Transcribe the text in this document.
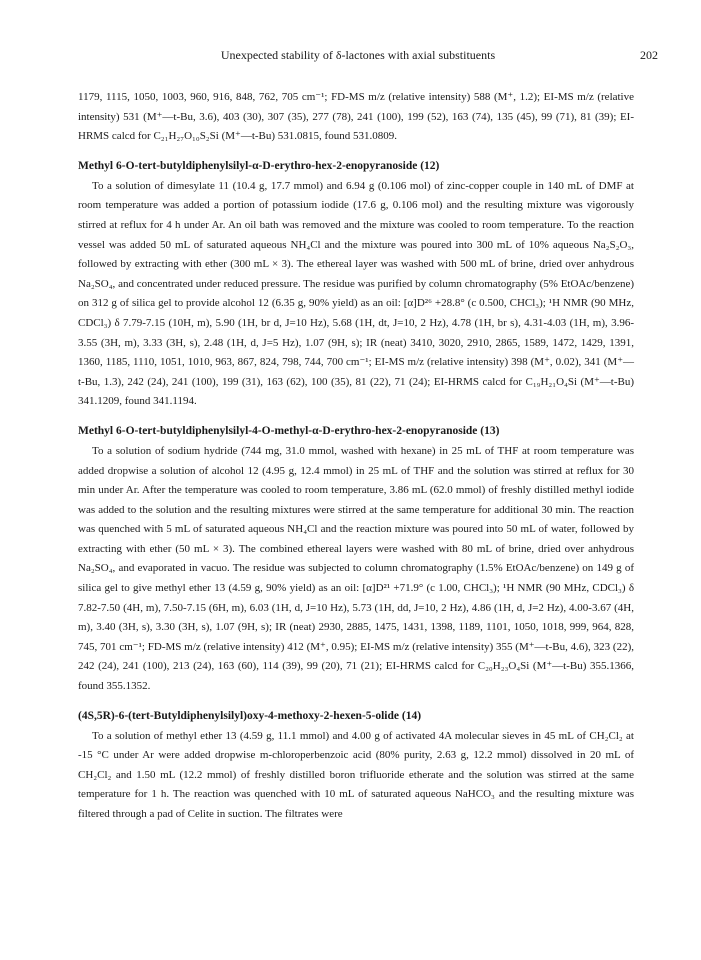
Unexpected stability of δ-lactones with axial substituents	202

1179, 1115, 1050, 1003, 960, 916, 848, 762, 705 cm⁻¹; FD-MS m/z (relative intensity) 588 (M⁺, 1.2); EI-MS m/z (relative intensity) 531 (M⁺—t-Bu, 3.6), 403 (30), 307 (35), 277 (78), 241 (100), 199 (52), 163 (74), 135 (45), 99 (71), 81 (39); EI-HRMS calcd for C₂₁H₂₇O₁₀S₂Si (M⁺—t-Bu) 531.0815, found 531.0809.

Methyl 6-O-tert-butyldiphenylsilyl-α-D-erythro-hex-2-enopyranoside (12)

To a solution of dimesylate 11 (10.4 g, 17.7 mmol) and 6.94 g (0.106 mol) of zinc-copper couple in 140 mL of DMF at room temperature was added a portion of potassium iodide (17.6 g, 0.106 mol) and the resulting mixture was vigorously stirred at reflux for 4 h under Ar. An oil bath was removed and the mixture was cooled to room temperature. To the reaction vessel was added 50 mL of saturated aqueous NH₄Cl and the mixture was poured into 300 mL of 10% aqueous Na₂S₂O₃, followed by extracting with ether (300 mL × 3). The ethereal layer was washed with 500 mL of brine, dried over anhydrous Na₂SO₄, and concentrated under reduced pressure. The residue was purified by column chromatography (5% EtOAc/benzene) on 312 g of silica gel to provide alcohol 12 (6.35 g, 90% yield) as an oil: [α]D²⁶ +28.8° (c 0.500, CHCl₃); ¹H NMR (90 MHz, CDCl₃) δ 7.79-7.15 (10H, m), 5.90 (1H, br d, J=10 Hz), 5.68 (1H, dt, J=10, 2 Hz), 4.78 (1H, br s), 4.31-4.03 (1H, m), 3.96-3.55 (3H, m), 3.33 (3H, s), 2.48 (1H, d, J=5 Hz), 1.07 (9H, s); IR (neat) 3410, 3020, 2910, 2865, 1589, 1472, 1429, 1391, 1360, 1185, 1110, 1051, 1010, 963, 867, 824, 798, 744, 700 cm⁻¹; EI-MS m/z (relative intensity) 398 (M⁺, 0.02), 341 (M⁺—t-Bu, 1.3), 242 (24), 241 (100), 199 (31), 163 (62), 100 (35), 81 (22), 71 (24); EI-HRMS calcd for C₁₉H₂₁O₄Si (M⁺—t-Bu) 341.1209, found 341.1194.

Methyl 6-O-tert-butyldiphenylsilyl-4-O-methyl-α-D-erythro-hex-2-enopyranoside (13)

To a solution of sodium hydride (744 mg, 31.0 mmol, washed with hexane) in 25 mL of THF at room temperature was added dropwise a solution of alcohol 12 (4.95 g, 12.4 mmol) in 25 mL of THF and the solution was stirred at reflux for 30 min under Ar. After the temperature was cooled to room temperature, 3.86 mL (62.0 mmol) of freshly distilled methyl iodide was added to the solution and the resulting mixtures were stirred at the same temperature for additional 30 min. The reaction was quenched with 5 mL of saturated aqueous NH₄Cl and the reaction mixture was poured into 50 mL of water, followed by extracting with ether (50 mL × 3). The combined ethereal layers were washed with 80 mL of brine, dried over anhydrous Na₂SO₄, and evaporated in vacuo. The residue was subjected to column chromatography (1.5% EtOAc/benzene) on 149 g of silica gel to give methyl ether 13 (4.59 g, 90% yield) as an oil: [α]D²¹ +71.9° (c 1.00, CHCl₃); ¹H NMR (90 MHz, CDCl₃) δ 7.82-7.50 (4H, m), 7.50-7.15 (6H, m), 6.03 (1H, d, J=10 Hz), 5.73 (1H, dd, J=10, 2 Hz), 4.86 (1H, d, J=2 Hz), 4.00-3.67 (4H, m), 3.40 (3H, s), 3.30 (3H, s), 1.07 (9H, s); IR (neat) 2930, 2885, 1475, 1431, 1398, 1189, 1101, 1050, 1018, 999, 964, 828, 745, 701 cm⁻¹; FD-MS m/z (relative intensity) 412 (M⁺, 0.95); EI-MS m/z (relative intensity) 355 (M⁺—t-Bu, 4.6), 323 (22), 242 (24), 241 (100), 213 (24), 163 (60), 114 (39), 99 (20), 71 (21); EI-HRMS calcd for C₂₀H₂₃O₄Si (M⁺—t-Bu) 355.1366, found 355.1352.

(4S,5R)-6-(tert-Butyldiphenylsilyl)oxy-4-methoxy-2-hexen-5-olide (14)

To a solution of methyl ether 13 (4.59 g, 11.1 mmol) and 4.00 g of activated 4A molecular sieves in 45 mL of CH₂Cl₂ at -15 °C under Ar were added dropwise m-chloroperbenzoic acid (80% purity, 2.63 g, 12.2 mmol) dissolved in 20 mL of CH₂Cl₂ and 1.50 mL (12.2 mmol) of freshly distilled boron trifluoride etherate and the solution was stirred at the same temperature for 1 h. The reaction was quenched with 10 mL of saturated aqueous NaHCO₃ and the resulting mixture was filtered through a pad of Celite in suction. The filtrates were
